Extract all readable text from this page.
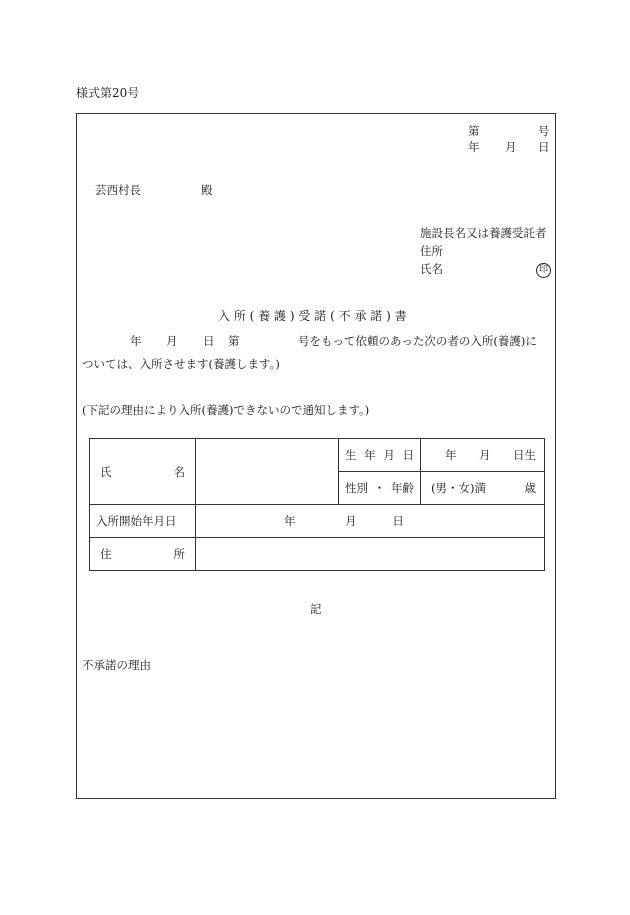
様式第20号
第	号
年 月 日
芸西村長	殿
施設長名又は養護受託者
住所
氏名	印
入所(養護)受諾(不承諾)書
年 月 日 第	号をもって依頼のあった次の者の入所(養護)に
ついては、入所させます(養護します。)
(下記の理由により入所(養護)できないので通知します。)
氏 名		生 年 月 日	年 月 日生

		性別 ・ 年齢	(男・女)満 歳

入所開始年月日	年 月 日		

住 所			

記
不承諾の理由
